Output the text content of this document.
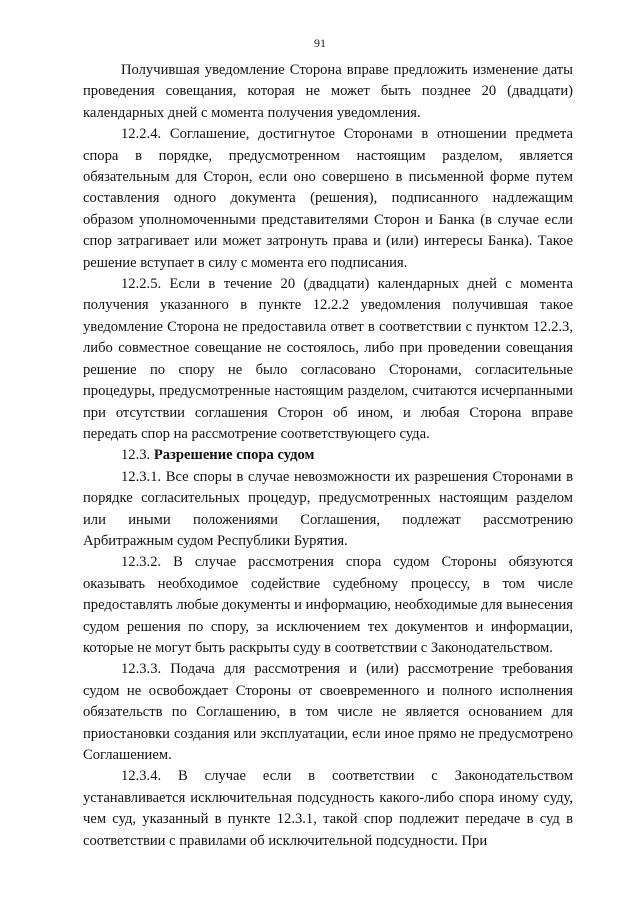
91

Получившая уведомление Сторона вправе предложить изменение даты проведения совещания, которая не может быть позднее 20 (двадцати) календарных дней с момента получения уведомления.

12.2.4. Соглашение, достигнутое Сторонами в отношении предмета спора в порядке, предусмотренном настоящим разделом, является обязательным для Сторон, если оно совершено в письменной форме путем составления одного документа (решения), подписанного надлежащим образом уполномоченными представителями Сторон и Банка (в случае если спор затрагивает или может затронуть права и (или) интересы Банка). Такое решение вступает в силу с момента его подписания.

12.2.5. Если в течение 20 (двадцати) календарных дней с момента получения указанного в пункте 12.2.2 уведомления получившая такое уведомление Сторона не предоставила ответ в соответствии с пунктом 12.2.3, либо совместное совещание не состоялось, либо при проведении совещания решение по спору не было согласовано Сторонами, согласительные процедуры, предусмотренные настоящим разделом, считаются исчерпанными при отсутствии соглашения Сторон об ином, и любая Сторона вправе передать спор на рассмотрение соответствующего суда.

12.3. Разрешение спора судом

12.3.1. Все споры в случае невозможности их разрешения Сторонами в порядке согласительных процедур, предусмотренных настоящим разделом или иными положениями Соглашения, подлежат рассмотрению Арбитражным судом Республики Бурятия.

12.3.2. В случае рассмотрения спора судом Стороны обязуются оказывать необходимое содействие судебному процессу, в том числе предоставлять любые документы и информацию, необходимые для вынесения судом решения по спору, за исключением тех документов и информации, которые не могут быть раскрыты суду в соответствии с Законодательством.

12.3.3. Подача для рассмотрения и (или) рассмотрение требования судом не освобождает Стороны от своевременного и полного исполнения обязательств по Соглашению, в том числе не является основанием для приостановки создания или эксплуатации, если иное прямо не предусмотрено Соглашением.

12.3.4. В случае если в соответствии с Законодательством устанавливается исключительная подсудность какого-либо спора иному суду, чем суд, указанный в пункте 12.3.1, такой спор подлежит передаче в суд в соответствии с правилами об исключительной подсудности. При
